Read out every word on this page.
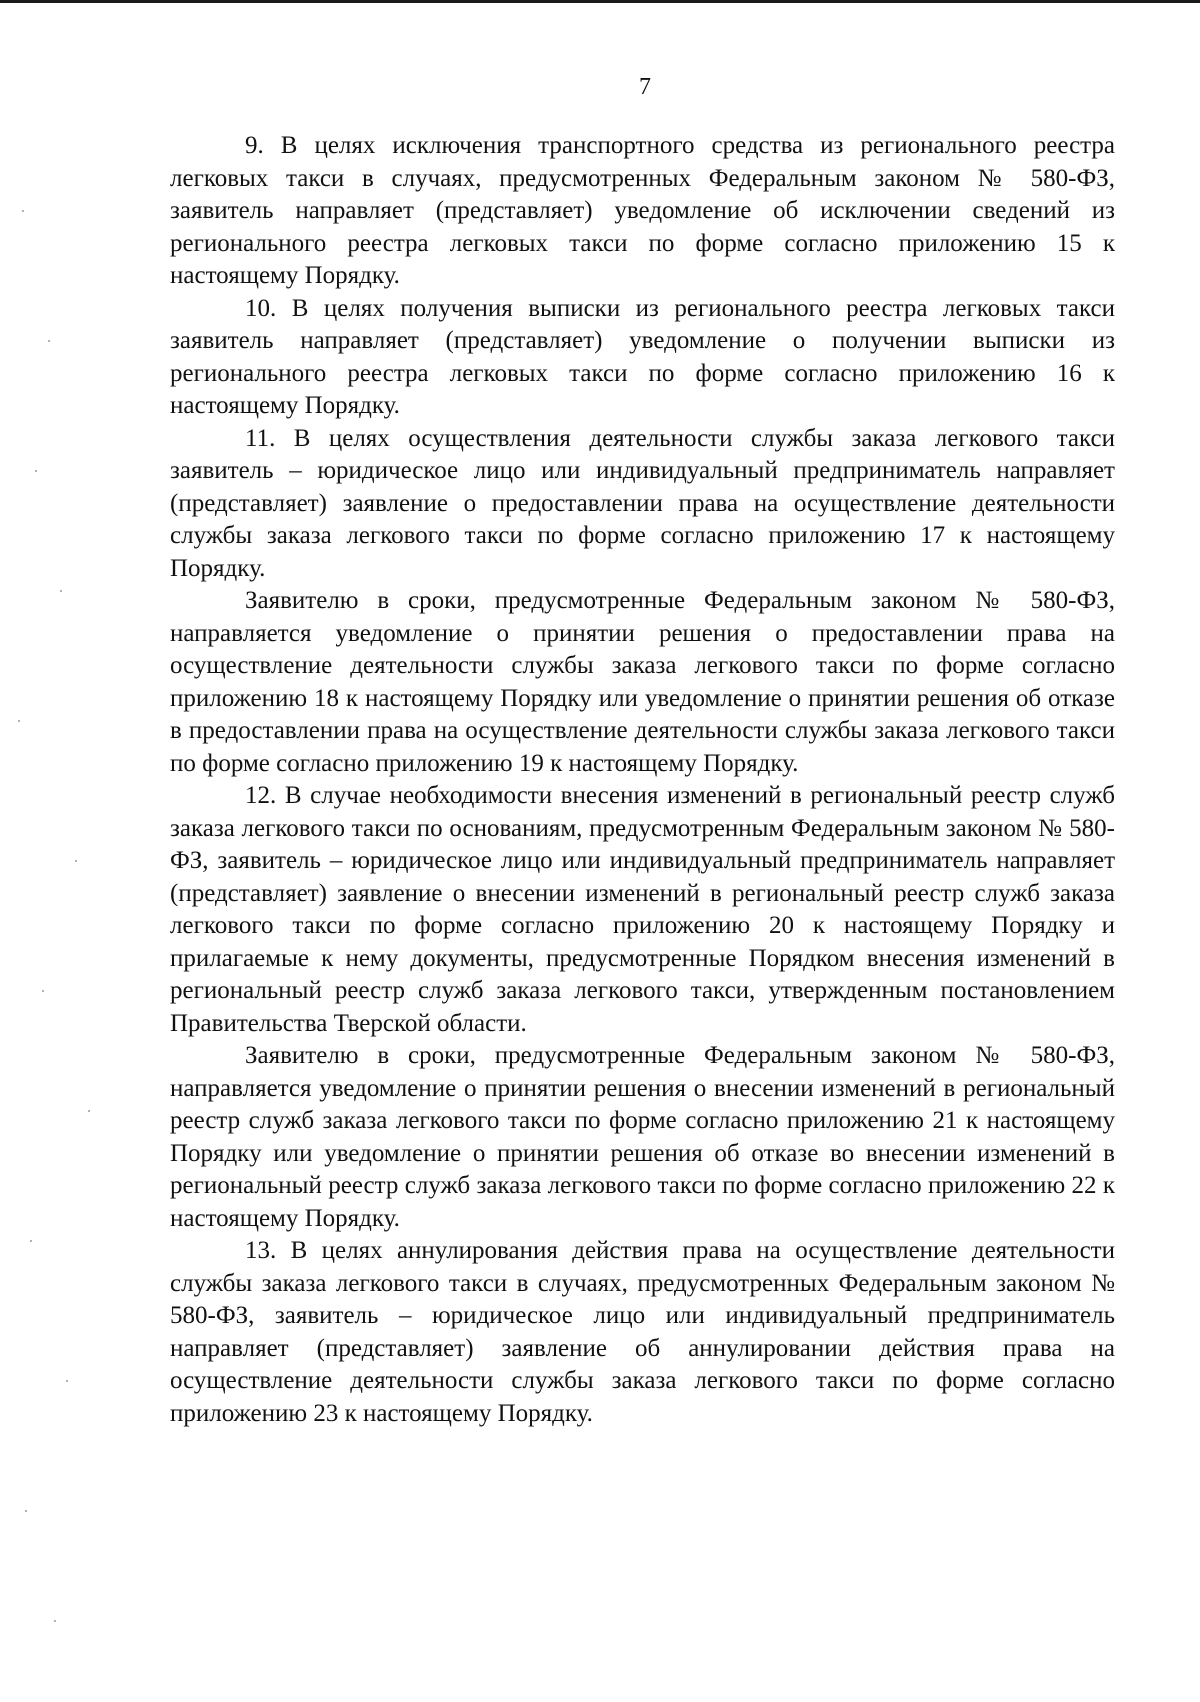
7

9. В целях исключения транспортного средства из регионального реестра легковых такси в случаях, предусмотренных Федеральным законом № 580-ФЗ, заявитель направляет (представляет) уведомление об исключении сведений из регионального реестра легковых такси по форме согласно приложению 15 к настоящему Порядку.

10. В целях получения выписки из регионального реестра легковых такси заявитель направляет (представляет) уведомление о получении выписки из регионального реестра легковых такси по форме согласно приложению 16 к настоящему Порядку.

11. В целях осуществления деятельности службы заказа легкового такси заявитель – юридическое лицо или индивидуальный предприниматель направляет (представляет) заявление о предоставлении права на осуществление деятельности службы заказа легкового такси по форме согласно приложению 17 к настоящему Порядку.

Заявителю в сроки, предусмотренные Федеральным законом № 580-ФЗ, направляется уведомление о принятии решения о предоставлении права на осуществление деятельности службы заказа легкового такси по форме согласно приложению 18 к настоящему Порядку или уведомление о принятии решения об отказе в предоставлении права на осуществление деятельности службы заказа легкового такси по форме согласно приложению 19 к настоящему Порядку.

12. В случае необходимости внесения изменений в региональный реестр служб заказа легкового такси по основаниям, предусмотренным Федеральным законом № 580-ФЗ, заявитель – юридическое лицо или индивидуальный предприниматель направляет (представляет) заявление о внесении изменений в региональный реестр служб заказа легкового такси по форме согласно приложению 20 к настоящему Порядку и прилагаемые к нему документы, предусмотренные Порядком внесения изменений в региональный реестр служб заказа легкового такси, утвержденным постановлением Правительства Тверской области.

Заявителю в сроки, предусмотренные Федеральным законом № 580-ФЗ, направляется уведомление о принятии решения о внесении изменений в региональный реестр служб заказа легкового такси по форме согласно приложению 21 к настоящему Порядку или уведомление о принятии решения об отказе во внесении изменений в региональный реестр служб заказа легкового такси по форме согласно приложению 22 к настоящему Порядку.

13. В целях аннулирования действия права на осуществление деятельности службы заказа легкового такси в случаях, предусмотренных Федеральным законом № 580-ФЗ, заявитель – юридическое лицо или индивидуальный предприниматель направляет (представляет) заявление об аннулировании действия права на осуществление деятельности службы заказа легкового такси по форме согласно приложению 23 к настоящему Порядку.
